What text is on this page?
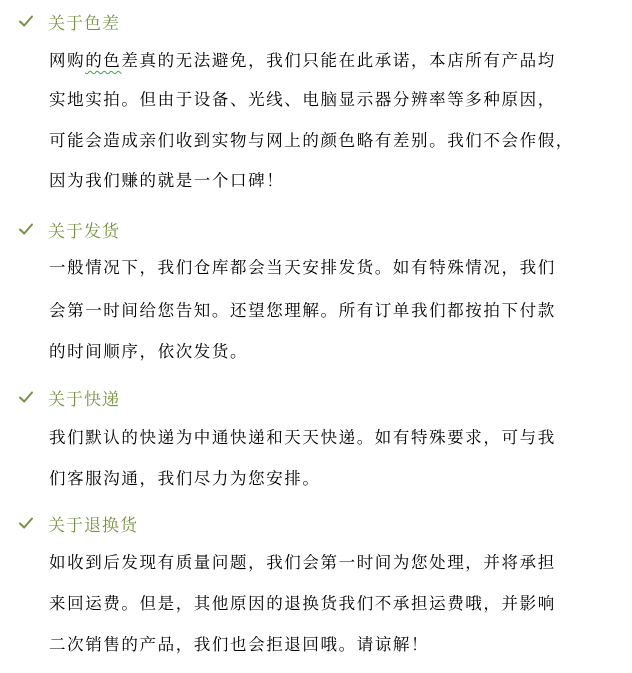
关于色差
网购的色差真的无法避免，我们只能在此承诺，本店所有产品均
实地实拍。但由于设备、光线、电脑显示器分辨率等多种原因，
可能会造成亲们收到实物与网上的颜色略有差别。我们不会作假，
因为我们赚的就是一个口碑！
关于发货
一般情况下，我们仓库都会当天安排发货。如有特殊情况，我们
会第一时间给您告知。还望您理解。所有订单我们都按拍下付款
的时间顺序，依次发货。
关于快递
我们默认的快递为中通快递和天天快递。如有特殊要求，可与我
们客服沟通，我们尽力为您安排。
关于退换货
如收到后发现有质量问题，我们会第一时间为您处理，并将承担
来回运费。但是，其他原因的退换货我们不承担运费哦，并影响
二次销售的产品，我们也会拒退回哦。请谅解！
